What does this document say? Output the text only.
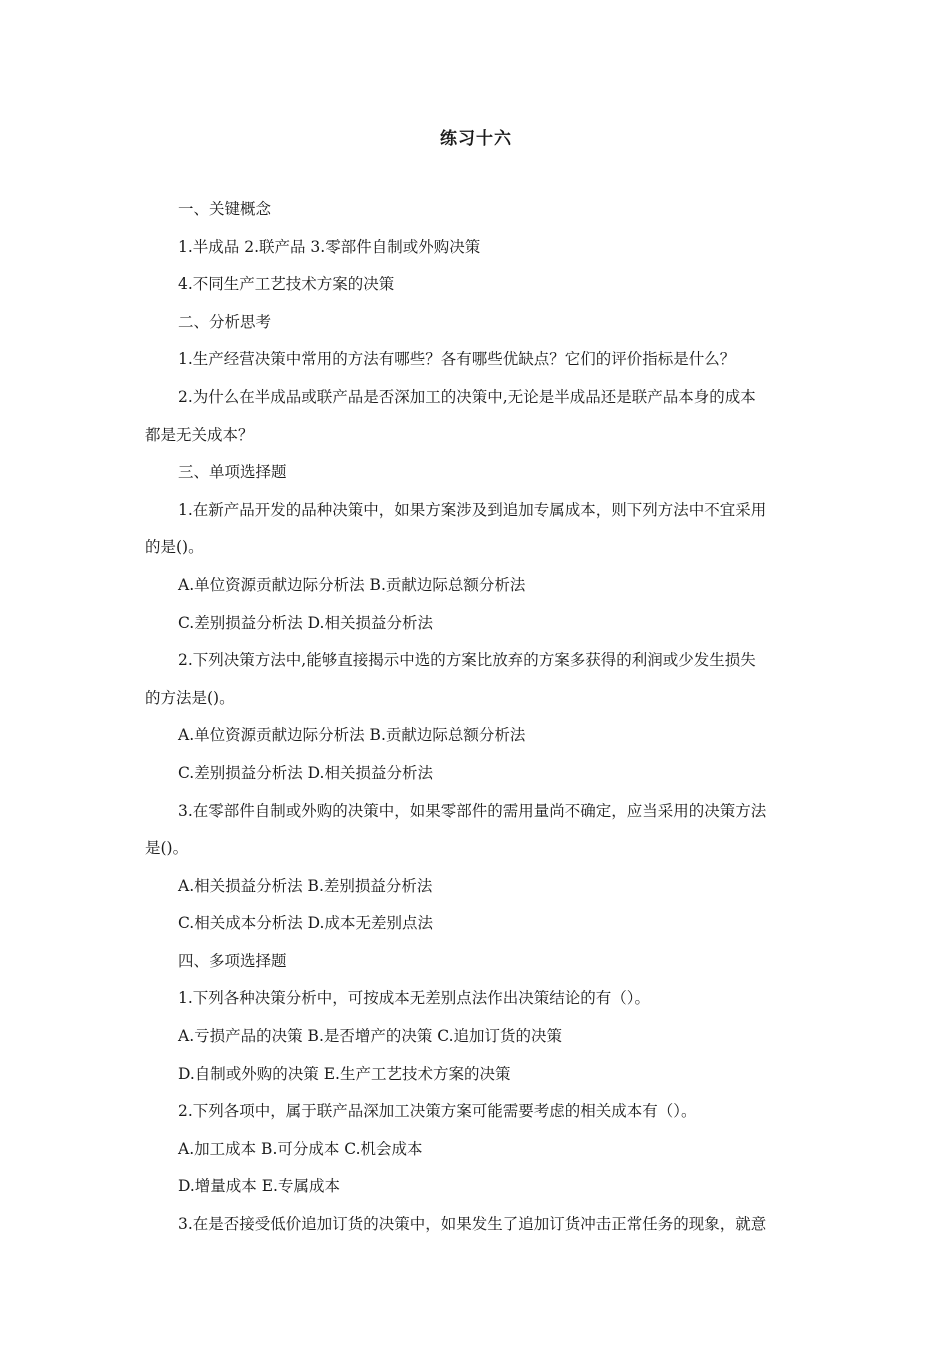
练习十六
一、关键概念
1.半成品 2.联产品 3.零部件自制或外购决策
4.不同生产工艺技术方案的决策
二、分析思考
1.生产经营决策中常用的方法有哪些？各有哪些优缺点？它们的评价指标是什么？
2.为什么在半成品或联产品是否深加工的决策中,无论是半成品还是联产品本身的成本
都是无关成本？
三、单项选择题
1.在新产品开发的品种决策中，如果方案涉及到追加专属成本，则下列方法中不宜采用
的是()。
A.单位资源贡献边际分析法 B.贡献边际总额分析法
C.差别损益分析法 D.相关损益分析法
2.下列决策方法中,能够直接揭示中选的方案比放弃的方案多获得的利润或少发生损失
的方法是()。
A.单位资源贡献边际分析法 B.贡献边际总额分析法
C.差别损益分析法 D.相关损益分析法
3.在零部件自制或外购的决策中，如果零部件的需用量尚不确定，应当采用的决策方法
是()。
A.相关损益分析法 B.差别损益分析法
C.相关成本分析法 D.成本无差别点法
四、多项选择题
1.下列各种决策分析中，可按成本无差别点法作出决策结论的有（）。
A.亏损产品的决策 B.是否增产的决策 C.追加订货的决策
D.自制或外购的决策 E.生产工艺技术方案的决策
2.下列各项中，属于联产品深加工决策方案可能需要考虑的相关成本有（）。
A.加工成本 B.可分成本 C.机会成本
D.增量成本 E.专属成本
3.在是否接受低价追加订货的决策中，如果发生了追加订货冲击正常任务的现象，就意
